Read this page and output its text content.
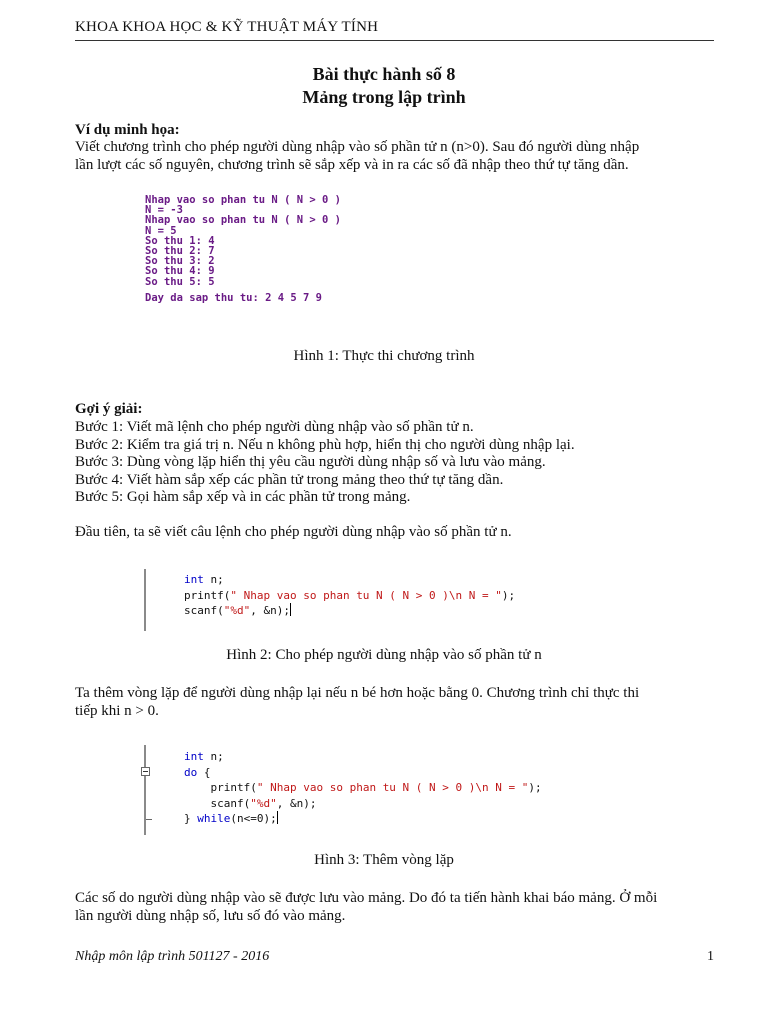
KHOA KHOA HỌC & KỸ THUẬT MÁY TÍNH
Bài thực hành số 8
Mảng trong lập trình
Ví dụ minh họa:
Viết chương trình cho phép người dùng nhập vào số phần tử n (n>0). Sau đó người dùng nhập
lần lượt các số nguyên, chương trình sẽ sắp xếp và in ra các số đã nhập theo thứ tự tăng dần.
Nhap vao so phan tu N ( N > 0 )
N = -3
Nhap vao so phan tu N ( N > 0 )
N = 5
So thu 1: 4
So thu 2: 7
So thu 3: 2
So thu 4: 9
So thu 5: 5

Day da sap thu tu: 2 4 5 7 9
Hình 1: Thực thi chương trình
Gợi ý giải:
Bước 1: Viết mã lệnh cho phép người dùng nhập vào số phần tử n.
Bước 2: Kiểm tra giá trị n. Nếu n không phù hợp, hiển thị cho người dùng nhập lại.
Bước 3: Dùng vòng lặp hiển thị yêu cầu người dùng nhập số và lưu vào mảng.
Bước 4: Viết hàm sắp xếp các phần tử trong mảng theo thứ tự tăng dần.
Bước 5: Gọi hàm sắp xếp và in các phần tử trong mảng.
Đầu tiên, ta sẽ viết câu lệnh cho phép người dùng nhập vào số phần tử n.
int n;
printf(" Nhap vao so phan tu N ( N > 0 )\n N = ");
scanf("%d", &n);
Hình 2: Cho phép người dùng nhập vào số phần tử n
Ta thêm vòng lặp để người dùng nhập lại nếu n bé hơn hoặc bằng 0. Chương trình chỉ thực thi
tiếp khi n > 0.
int n;
do {
printf(" Nhap vao so phan tu N ( N > 0 )\n N = ");
scanf("%d", &n);
} while(n<=0);
Hình 3: Thêm vòng lặp
Các số do người dùng nhập vào sẽ được lưu vào mảng. Do đó ta tiến hành khai báo mảng. Ở mỗi
lần người dùng nhập số, lưu số đó vào mảng.
Nhập môn lập trình 501127 - 2016	1
